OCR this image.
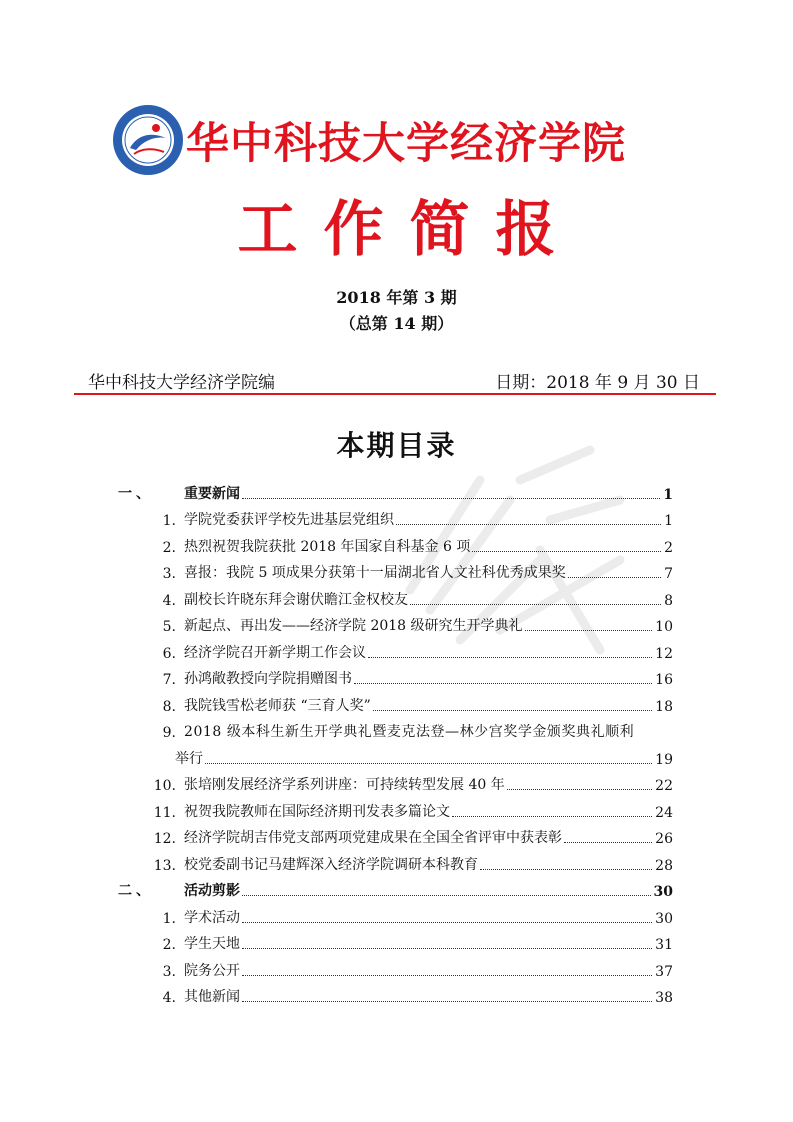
华中科技大学经济学院
工作简报
2018 年第 3 期
（总第 14 期）
华中科技大学经济学院编	日期：2018 年 9 月 30 日
本期目录
一、	重要新闻	1
1. 学院党委获评学校先进基层党组织	1
2. 热烈祝贺我院获批 2018 年国家自科基金 6 项	2
3. 喜报：我院 5 项成果分获第十一届湖北省人文社科优秀成果奖	7
4. 副校长许晓东拜会谢伏瞻江金权校友	8
5. 新起点、再出发——经济学院 2018 级研究生开学典礼	10
6. 经济学院召开新学期工作会议	12
7. 孙鸿敞教授向学院捐赠图书	16
8. 我院钱雪松老师获 “三育人奖”	18
9. 2018 级本科生新生开学典礼暨麦克法登—林少宫奖学金颁奖典礼顺利
举行	19
10. 张培刚发展经济学系列讲座：可持续转型发展 40 年	22
11. 祝贺我院教师在国际经济期刊发表多篇论文	24
12. 经济学院胡吉伟党支部两项党建成果在全国全省评审中获表彰	26
13. 校党委副书记马建辉深入经济学院调研本科教育	28
二、	活动剪影	30
1. 学术活动	30
2. 学生天地	31
3. 院务公开	37
4. 其他新闻	38
